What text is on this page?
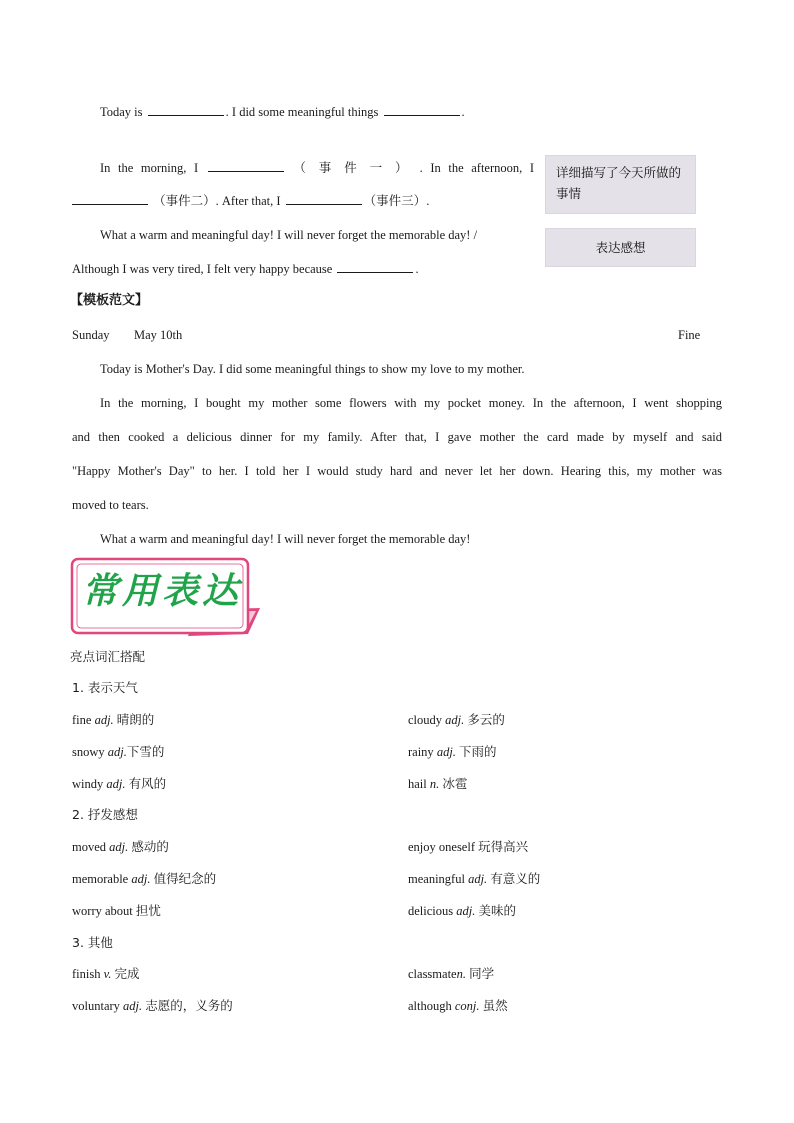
Today is	. I did some meaningful things	.
In the morning, I	（ 事 件 一 ） . In the afternoon, I
（事件二）. After that, I	（事件三）.
What a warm and meaningful day! I will never forget the memorable day! /
Although I was very tired, I felt very happy because	.
详细描写了今天所做的事情
表达感想
【模板范文】
Sunday May 10th	Fine
Today is Mother's Day. I did some meaningful things to show my love to my mother.
In the morning, I bought my mother some flowers with my pocket money. In the afternoon, I went shopping
and then cooked a delicious dinner for my family. After that, I gave mother the card made by myself and said
"Happy Mother's Day" to her. I told her I would study hard and never let her down. Hearing this, my mother was
moved to tears.
What a warm and meaningful day! I will never forget the memorable day!
常用表达
亮点词汇搭配
1. 表示天气
fine adj. 晴朗的	cloudy adj. 多云的
snowy adj.下雪的	rainy adj. 下雨的
windy adj. 有风的	hail n. 冰雹
2. 抒发感想
moved adj. 感动的	enjoy oneself 玩得高兴
memorable adj. 值得纪念的	meaningful adj. 有意义的
worry about 担忧	delicious adj. 美味的
3. 其他
finish v. 完成	classmaten. 同学
voluntary adj. 志愿的，义务的	although conj. 虽然
